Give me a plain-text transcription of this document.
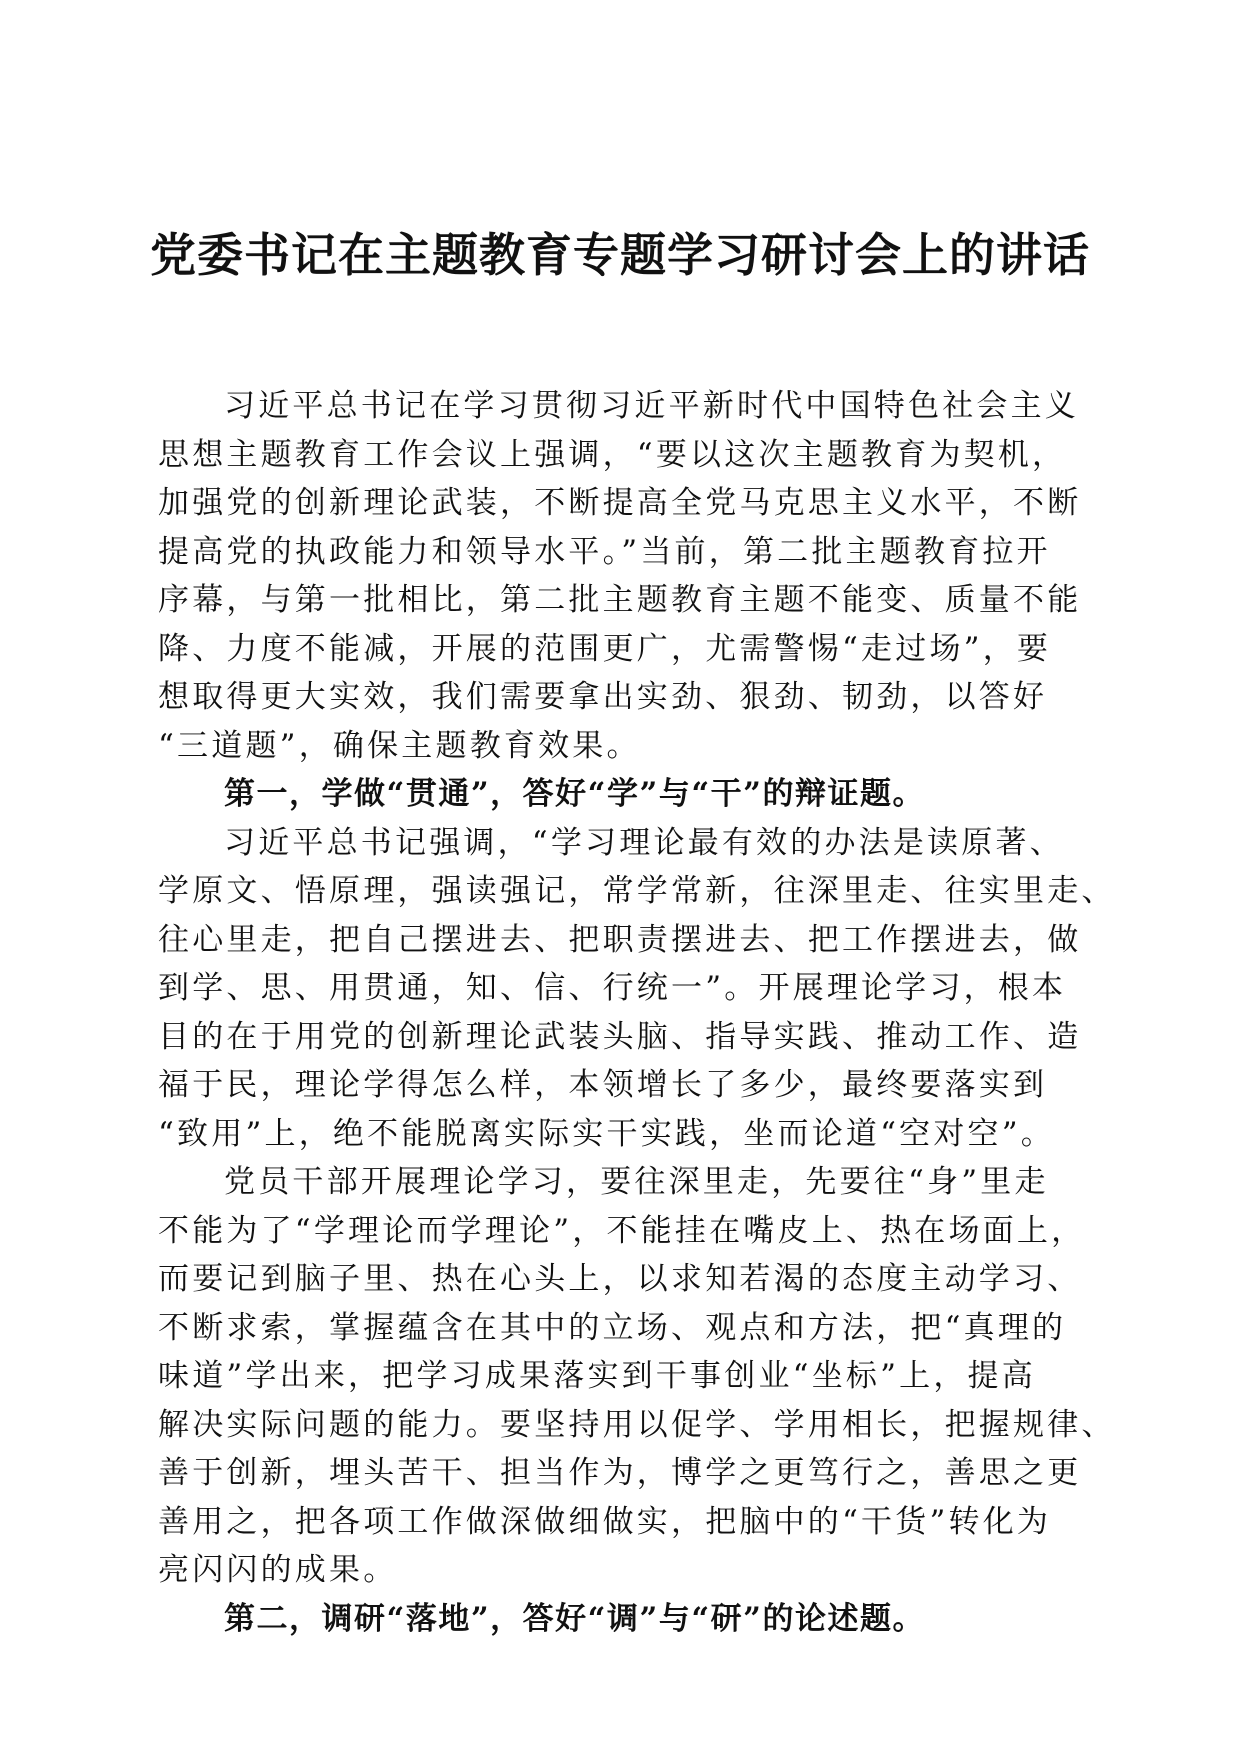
党委书记在主题教育专题学习研讨会上的讲话
习近平总书记在学习贯彻习近平新时代中国特色社会主义
思想主题教育工作会议上强调，“要以这次主题教育为契机，
加强党的创新理论武装，不断提高全党马克思主义水平，不断
提高党的执政能力和领导水平。”当前，第二批主题教育拉开
序幕，与第一批相比，第二批主题教育主题不能变、质量不能
降、力度不能减，开展的范围更广，尤需警惕“走过场”，要
想取得更大实效，我们需要拿出实劲、狠劲、韧劲，以答好
“三道题”，确保主题教育效果。
第一，学做“贯通”，答好“学”与“干”的辩证题。
习近平总书记强调，“学习理论最有效的办法是读原著、
学原文、悟原理，强读强记，常学常新，往深里走、往实里走、
往心里走，把自己摆进去、把职责摆进去、把工作摆进去，做
到学、思、用贯通，知、信、行统一”。开展理论学习，根本
目的在于用党的创新理论武装头脑、指导实践、推动工作、造
福于民，理论学得怎么样，本领增长了多少，最终要落实到
“致用”上，绝不能脱离实际实干实践，坐而论道“空对空”。
党员干部开展理论学习，要往深里走，先要往“身”里走
不能为了“学理论而学理论”，不能挂在嘴皮上、热在场面上，
而要记到脑子里、热在心头上，以求知若渴的态度主动学习、
不断求索，掌握蕴含在其中的立场、观点和方法，把“真理的
味道”学出来，把学习成果落实到干事创业“坐标”上，提高
解决实际问题的能力。要坚持用以促学、学用相长，把握规律、
善于创新，埋头苦干、担当作为，博学之更笃行之，善思之更
善用之，把各项工作做深做细做实，把脑中的“干货”转化为
亮闪闪的成果。
第二，调研“落地”，答好“调”与“研”的论述题。
